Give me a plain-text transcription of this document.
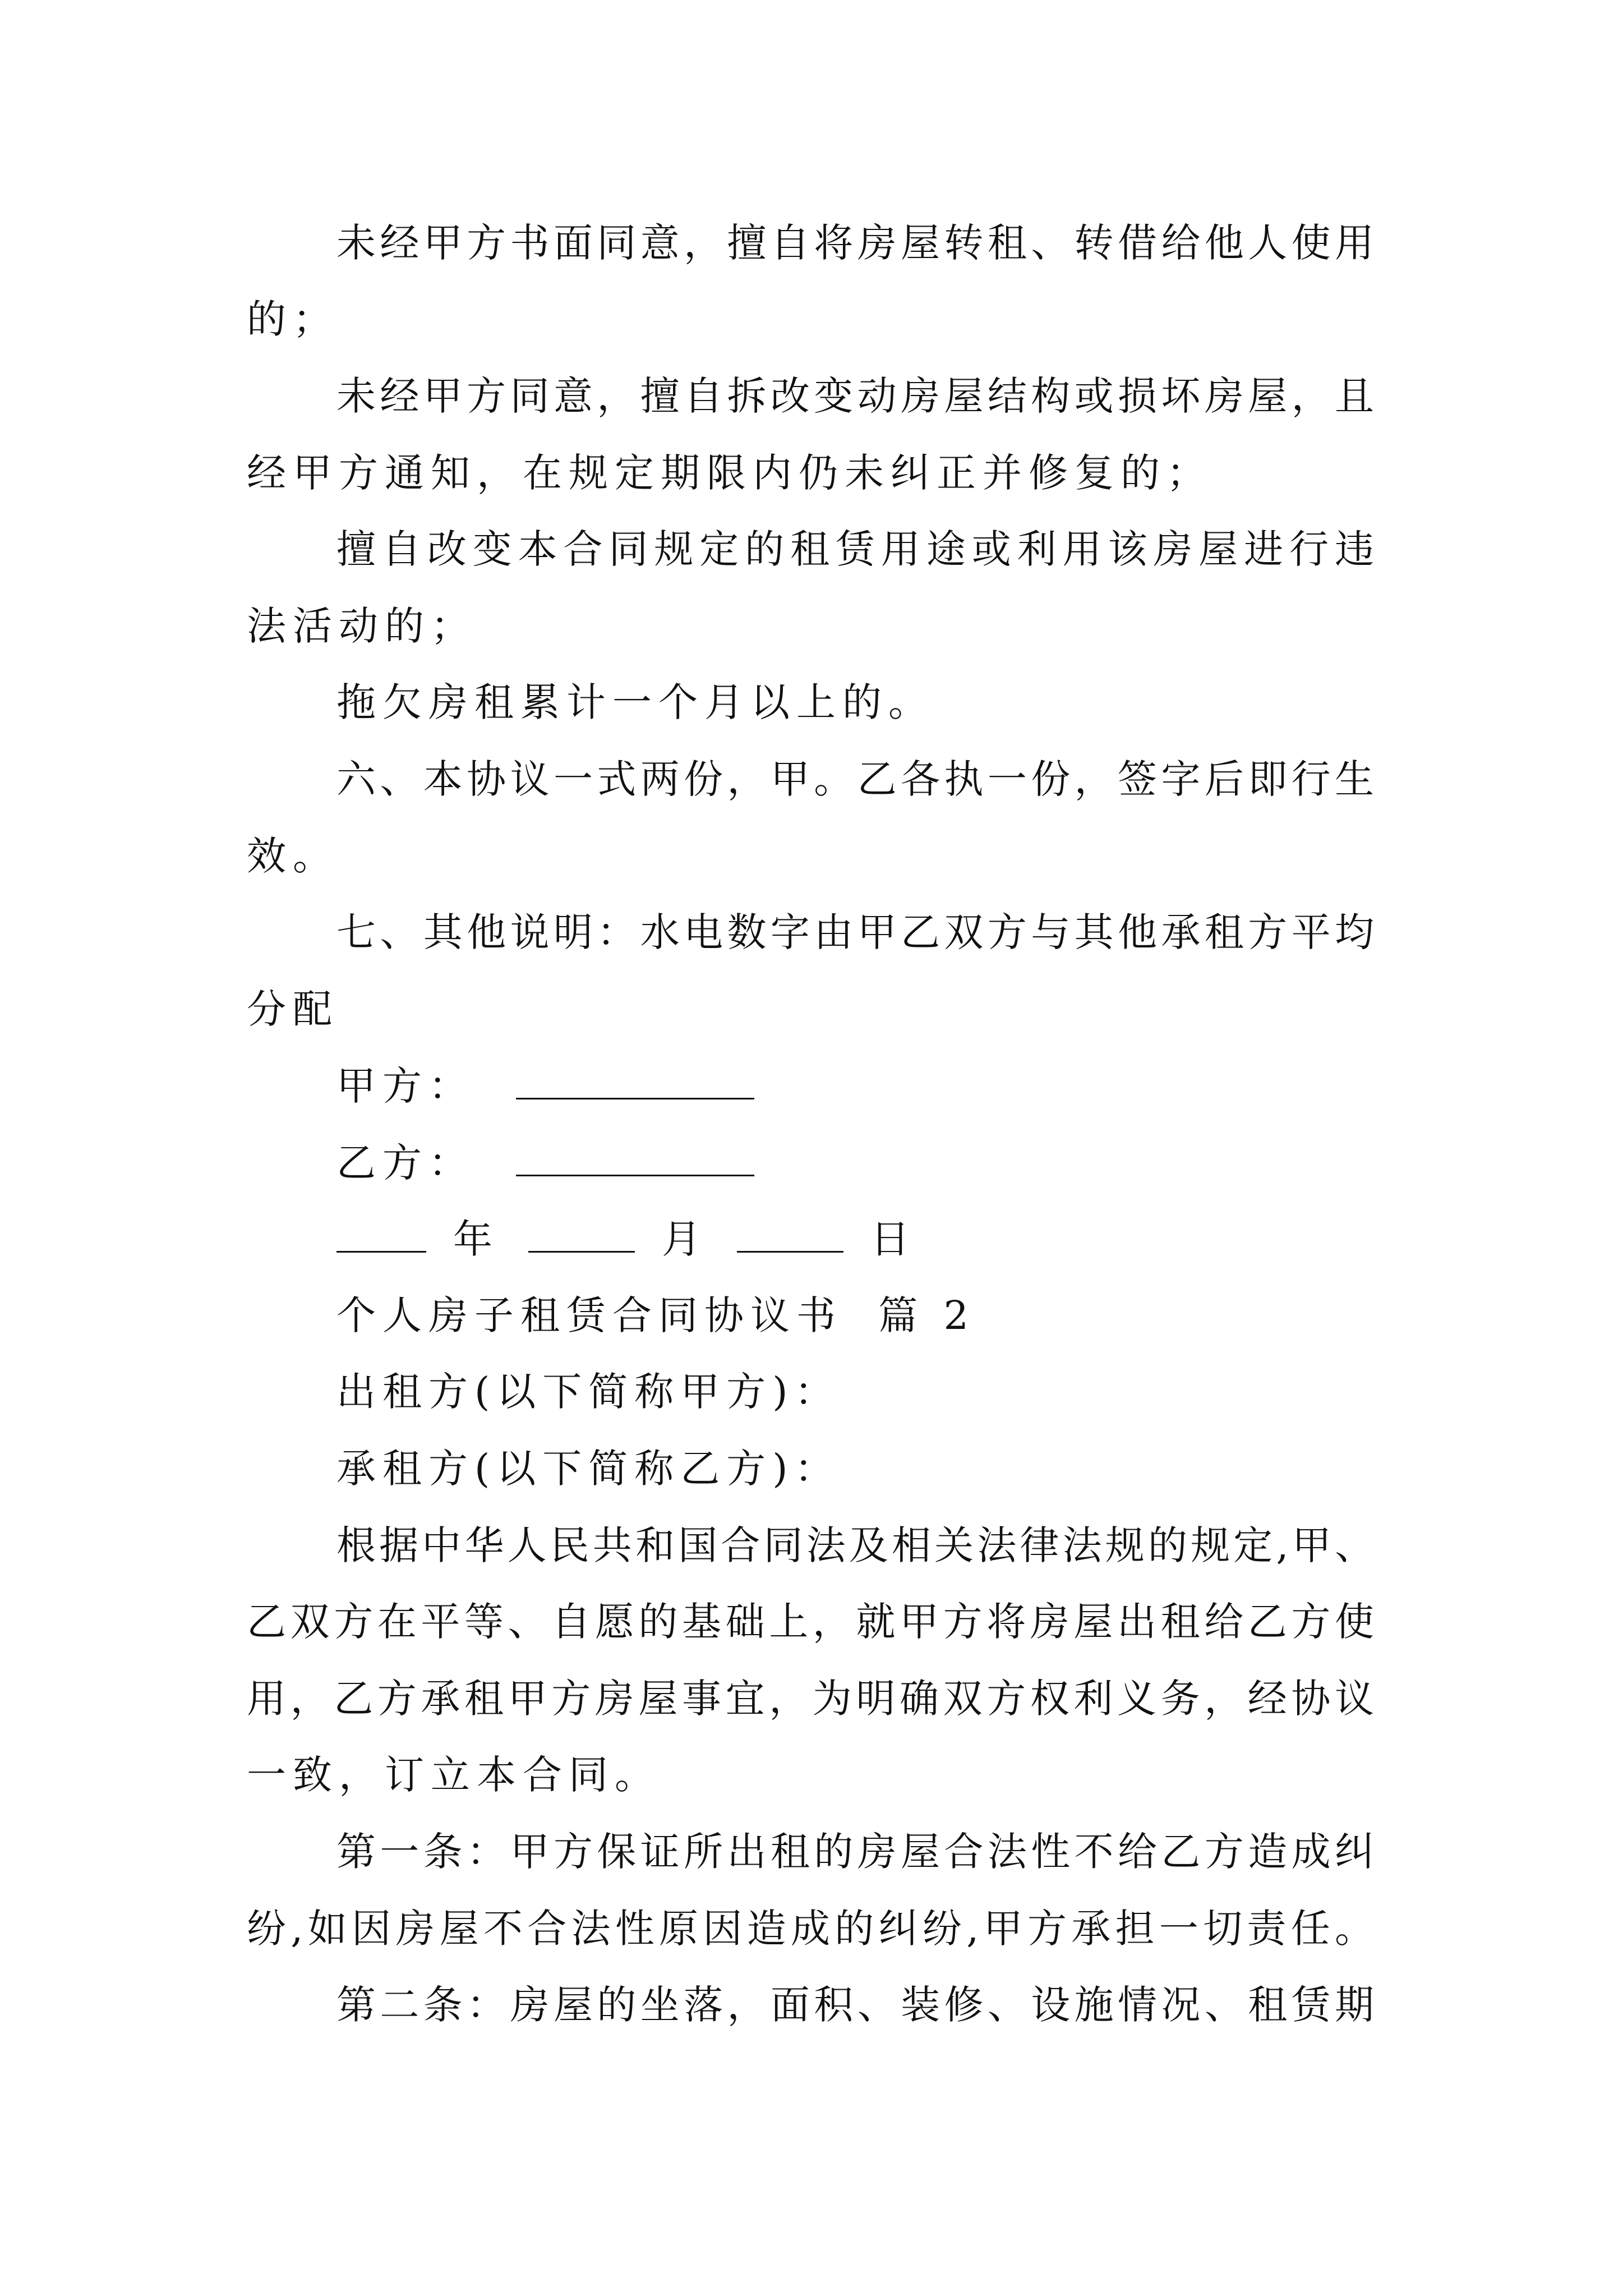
未经甲方书面同意，擅自将房屋转租、转借给他人使用
的；
未经甲方同意，擅自拆改变动房屋结构或损坏房屋，且
经甲方通知，在规定期限内仍未纠正并修复的；
擅自改变本合同规定的租赁用途或利用该房屋进行违
法活动的；
拖欠房租累计一个月以上的。
六、本协议一式两份，甲。乙各执一份，签字后即行生
效。
七、其他说明：水电数字由甲乙双方与其他承租方平均
分配
甲方：
乙方：
年	月	日
个人房子租赁合同协议书 篇 2
出租方(以下简称甲方)：
承租方(以下简称乙方)：
根据中华人民共和国合同法及相关法律法规的规定,甲、
乙双方在平等、自愿的基础上，就甲方将房屋出租给乙方使
用，乙方承租甲方房屋事宜，为明确双方权利义务，经协议
一致，订立本合同。
第一条：甲方保证所出租的房屋合法性不给乙方造成纠
纷,如因房屋不合法性原因造成的纠纷,甲方承担一切责任。
第二条：房屋的坐落，面积、装修、设施情况、租赁期
